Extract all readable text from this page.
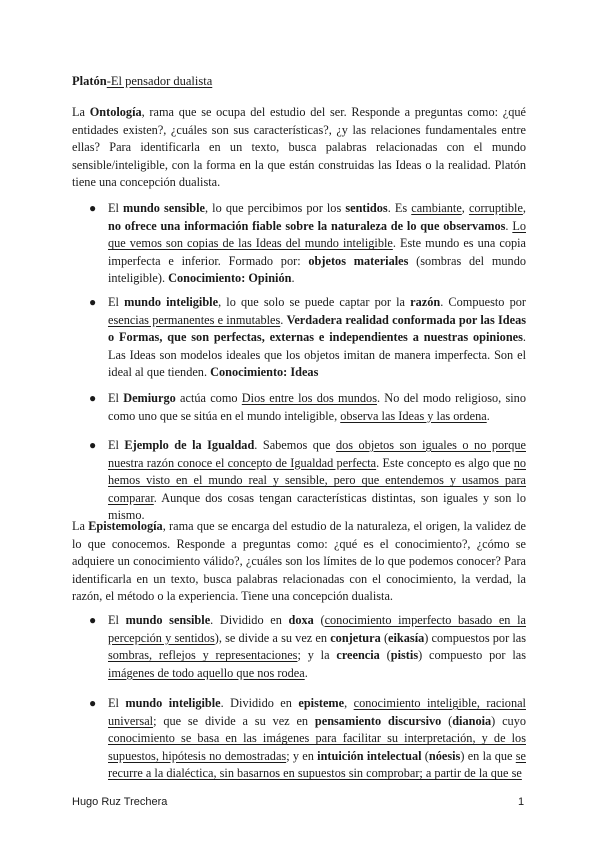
Platón-El pensador dualista
La Ontología, rama que se ocupa del estudio del ser. Responde a preguntas como: ¿qué entidades existen?, ¿cuáles son sus características?, ¿y las relaciones fundamentales entre ellas? Para identificarla en un texto, busca palabras relacionadas con el mundo sensible/inteligible, con la forma en la que están construidas las Ideas o la realidad. Platón tiene una concepción dualista.
● El mundo sensible, lo que percibimos por los sentidos. Es cambiante, corruptible, no ofrece una información fiable sobre la naturaleza de lo que observamos. Lo que vemos son copias de las Ideas del mundo inteligible. Este mundo es una copia imperfecta e inferior. Formado por: objetos materiales (sombras del mundo inteligible). Conocimiento: Opinión.
● El mundo inteligible, lo que solo se puede captar por la razón. Compuesto por esencias permanentes e inmutables. Verdadera realidad conformada por las Ideas o Formas, que son perfectas, externas e independientes a nuestras opiniones. Las Ideas son modelos ideales que los objetos imitan de manera imperfecta. Son el ideal al que tienden. Conocimiento: Ideas
● El Demiurgo actúa como Dios entre los dos mundos. No del modo religioso, sino como uno que se sitúa en el mundo inteligible, observa las Ideas y las ordena.
● El Ejemplo de la Igualdad. Sabemos que dos objetos son iguales o no porque nuestra razón conoce el concepto de Igualdad perfecta. Este concepto es algo que no hemos visto en el mundo real y sensible, pero que entendemos y usamos para comparar. Aunque dos cosas tengan características distintas, son iguales y son lo mismo.
La Epistemología, rama que se encarga del estudio de la naturaleza, el origen, la validez de lo que conocemos. Responde a preguntas como: ¿qué es el conocimiento?, ¿cómo se adquiere un conocimiento válido?, ¿cuáles son los límites de lo que podemos conocer? Para identificarla en un texto, busca palabras relacionadas con el conocimiento, la verdad, la razón, el método o la experiencia. Tiene una concepción dualista.
● El mundo sensible. Dividido en doxa (conocimiento imperfecto basado en la percepción y sentidos), se divide a su vez en conjetura (eikasía) compuestos por las sombras, reflejos y representaciones; y la creencia (pistis) compuesto por las imágenes de todo aquello que nos rodea.
● El mundo inteligible. Dividido en episteme, conocimiento inteligible, racional universal; que se divide a su vez en pensamiento discursivo (dianoia) cuyo conocimiento se basa en las imágenes para facilitar su interpretación, y de los supuestos, hipótesis no demostradas; y en intuición intelectual (nóesis) en la que se recurre a la dialéctica, sin basarnos en supuestos sin comprobar; a partir de la que se
Hugo Ruz Trechera	1
